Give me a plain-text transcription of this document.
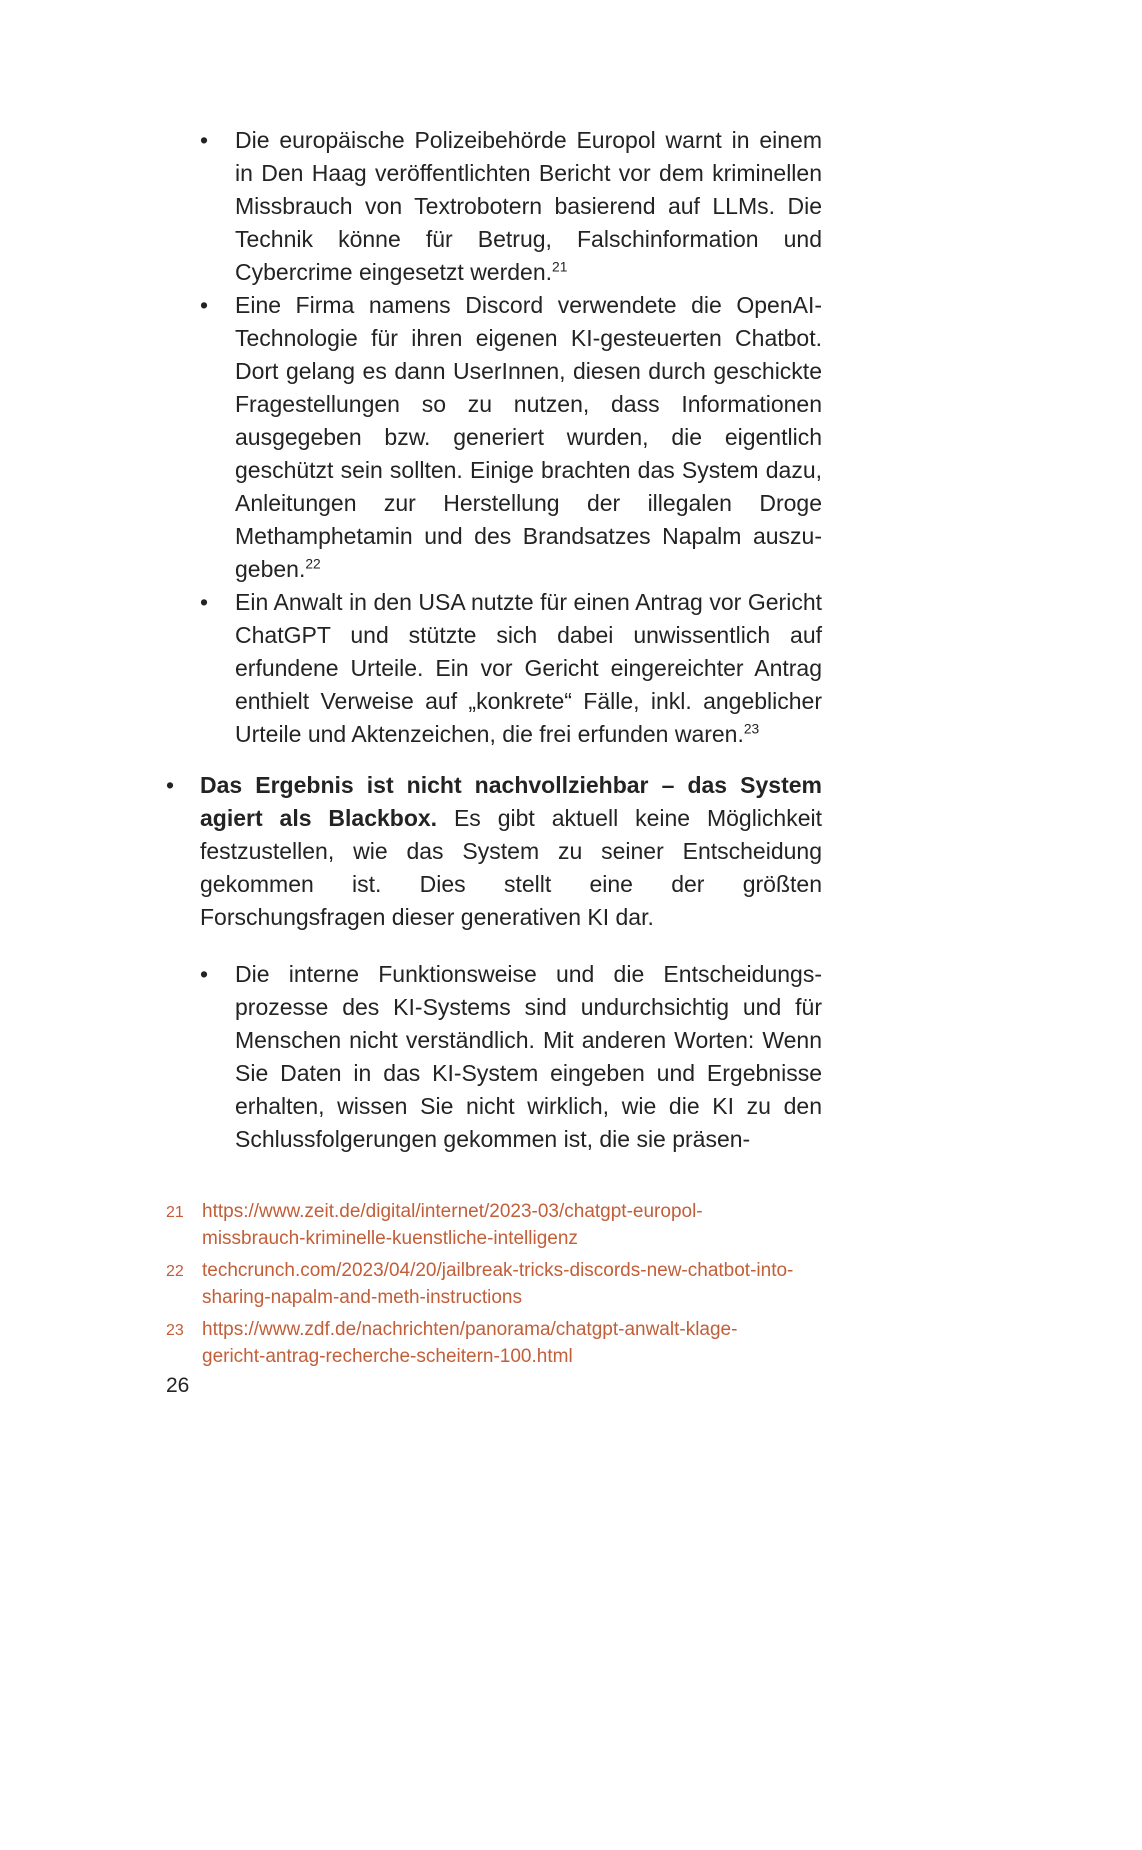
•	Die europäische Polizeibehörde Europol warnt in einem in Den Haag veröffentlichten Bericht vor dem kriminellen Missbrauch von Textrobotern basierend auf LLMs. Die Technik könne für Betrug, Falschinformation und Cybercrime eingesetzt werden.$^{21}$

•	Eine Firma namens Discord verwendete die OpenAI-Technologie für ihren eigenen KI-gesteuerten Chatbot. Dort gelang es dann UserInnen, diesen durch geschickte Fragestellungen so zu nutzen, dass Informationen ausgegeben bzw. generiert wurden, die eigentlich geschützt sein sollten. Einige brachten das System dazu, Anleitungen zur Herstellung der illegalen Droge Methamphetamin und des Brandsatzes Napalm auszugeben.$^{22}$

•	Ein Anwalt in den USA nutzte für einen Antrag vor Gericht ChatGPT und stützte sich dabei unwissentlich auf erfundene Urteile. Ein vor Gericht eingereichter Antrag enthielt Verweise auf „konkrete“ Fälle, inkl. angeblicher Urteile und Aktenzeichen, die frei erfunden waren.$^{23}$

•	Das Ergebnis ist nicht nachvollziehbar – das System agiert als Blackbox. Es gibt aktuell keine Möglichkeit festzustellen, wie das System zu seiner Entscheidung gekommen ist. Dies stellt eine der größten Forschungsfragen dieser generativen KI dar.

•	Die interne Funktionsweise und die Entscheidungsprozesse des KI-Systems sind undurchsichtig und für Menschen nicht verständlich. Mit anderen Worten: Wenn Sie Daten in das KI-System eingeben und Ergebnisse erhalten, wissen Sie nicht wirklich, wie die KI zu den Schlussfolgerungen gekommen ist, die sie präsen-

21 https://www.zeit.de/digital/internet/2023-03/chatgpt-europol-missbrauch-kriminelle-kuenstliche-intelligenz
22 techcrunch.com/2023/04/20/jailbreak-tricks-discords-new-chatbot-into-sharing-napalm-and-meth-instructions
23 https://www.zdf.de/nachrichten/panorama/chatgpt-anwalt-klage-gericht-antrag-recherche-scheitern-100.html
26
